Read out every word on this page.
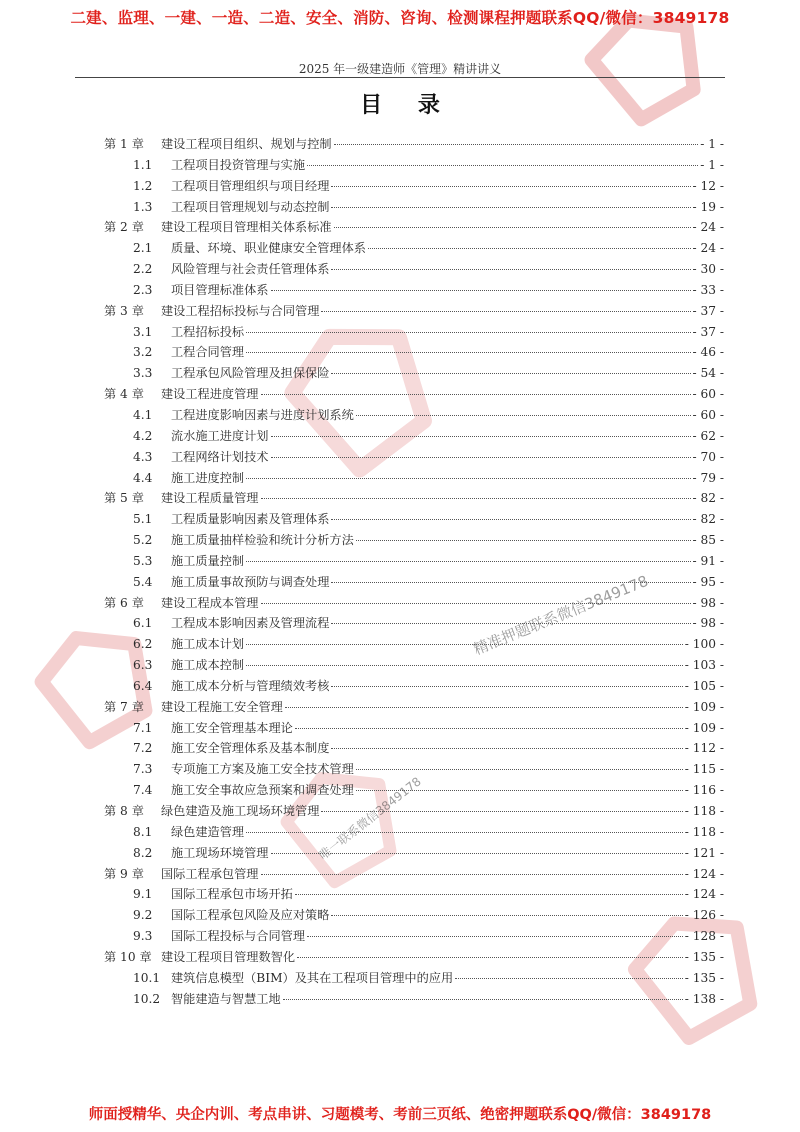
精准押题联系微信3849178
唯一联系微信3849178
二建、监理、一建、一造、二造、安全、消防、咨询、检测课程押题联系QQ/微信：3849178
2025 年一级建造师《管理》精讲讲义
目 录
第 1 章	建设工程项目组织、规划与控制	- 1 -
1.1	工程项目投资管理与实施	- 1 -
1.2	工程项目管理组织与项目经理	- 12 -
1.3	工程项目管理规划与动态控制	- 19 -
第 2 章	建设工程项目管理相关体系标准	- 24 -
2.1	质量、环境、职业健康安全管理体系	- 24 -
2.2	风险管理与社会责任管理体系	- 30 -
2.3	项目管理标准体系	- 33 -
第 3 章	建设工程招标投标与合同管理	- 37 -
3.1	工程招标投标	- 37 -
3.2	工程合同管理	- 46 -
3.3	工程承包风险管理及担保保险	- 54 -
第 4 章	建设工程进度管理	- 60 -
4.1	工程进度影响因素与进度计划系统	- 60 -
4.2	流水施工进度计划	- 62 -
4.3	工程网络计划技术	- 70 -
4.4	施工进度控制	- 79 -
第 5 章	建设工程质量管理	- 82 -
5.1	工程质量影响因素及管理体系	- 82 -
5.2	施工质量抽样检验和统计分析方法	- 85 -
5.3	施工质量控制	- 91 -
5.4	施工质量事故预防与调查处理	- 95 -
第 6 章	建设工程成本管理	- 98 -
6.1	工程成本影响因素及管理流程	- 98 -
6.2	施工成本计划	- 100 -
6.3	施工成本控制	- 103 -
6.4	施工成本分析与管理绩效考核	- 105 -
第 7 章	建设工程施工安全管理	- 109 -
7.1	施工安全管理基本理论	- 109 -
7.2	施工安全管理体系及基本制度	- 112 -
7.3	专项施工方案及施工安全技术管理	- 115 -
7.4	施工安全事故应急预案和调查处理	- 116 -
第 8 章	绿色建造及施工现场环境管理	- 118 -
8.1	绿色建造管理	- 118 -
8.2	施工现场环境管理	- 121 -
第 9 章	国际工程承包管理	- 124 -
9.1	国际工程承包市场开拓	- 124 -
9.2	国际工程承包风险及应对策略	- 126 -
9.3	国际工程投标与合同管理	- 128 -
第 10 章 建设工程项目管理数智化	- 135 -
10.1 建筑信息模型（BIM）及其在工程项目管理中的应用	- 135 -
10.2 智能建造与智慧工地	- 138 -
师面授精华、央企内训、考点串讲、习题模考、考前三页纸、绝密押题联系QQ/微信：3849178
